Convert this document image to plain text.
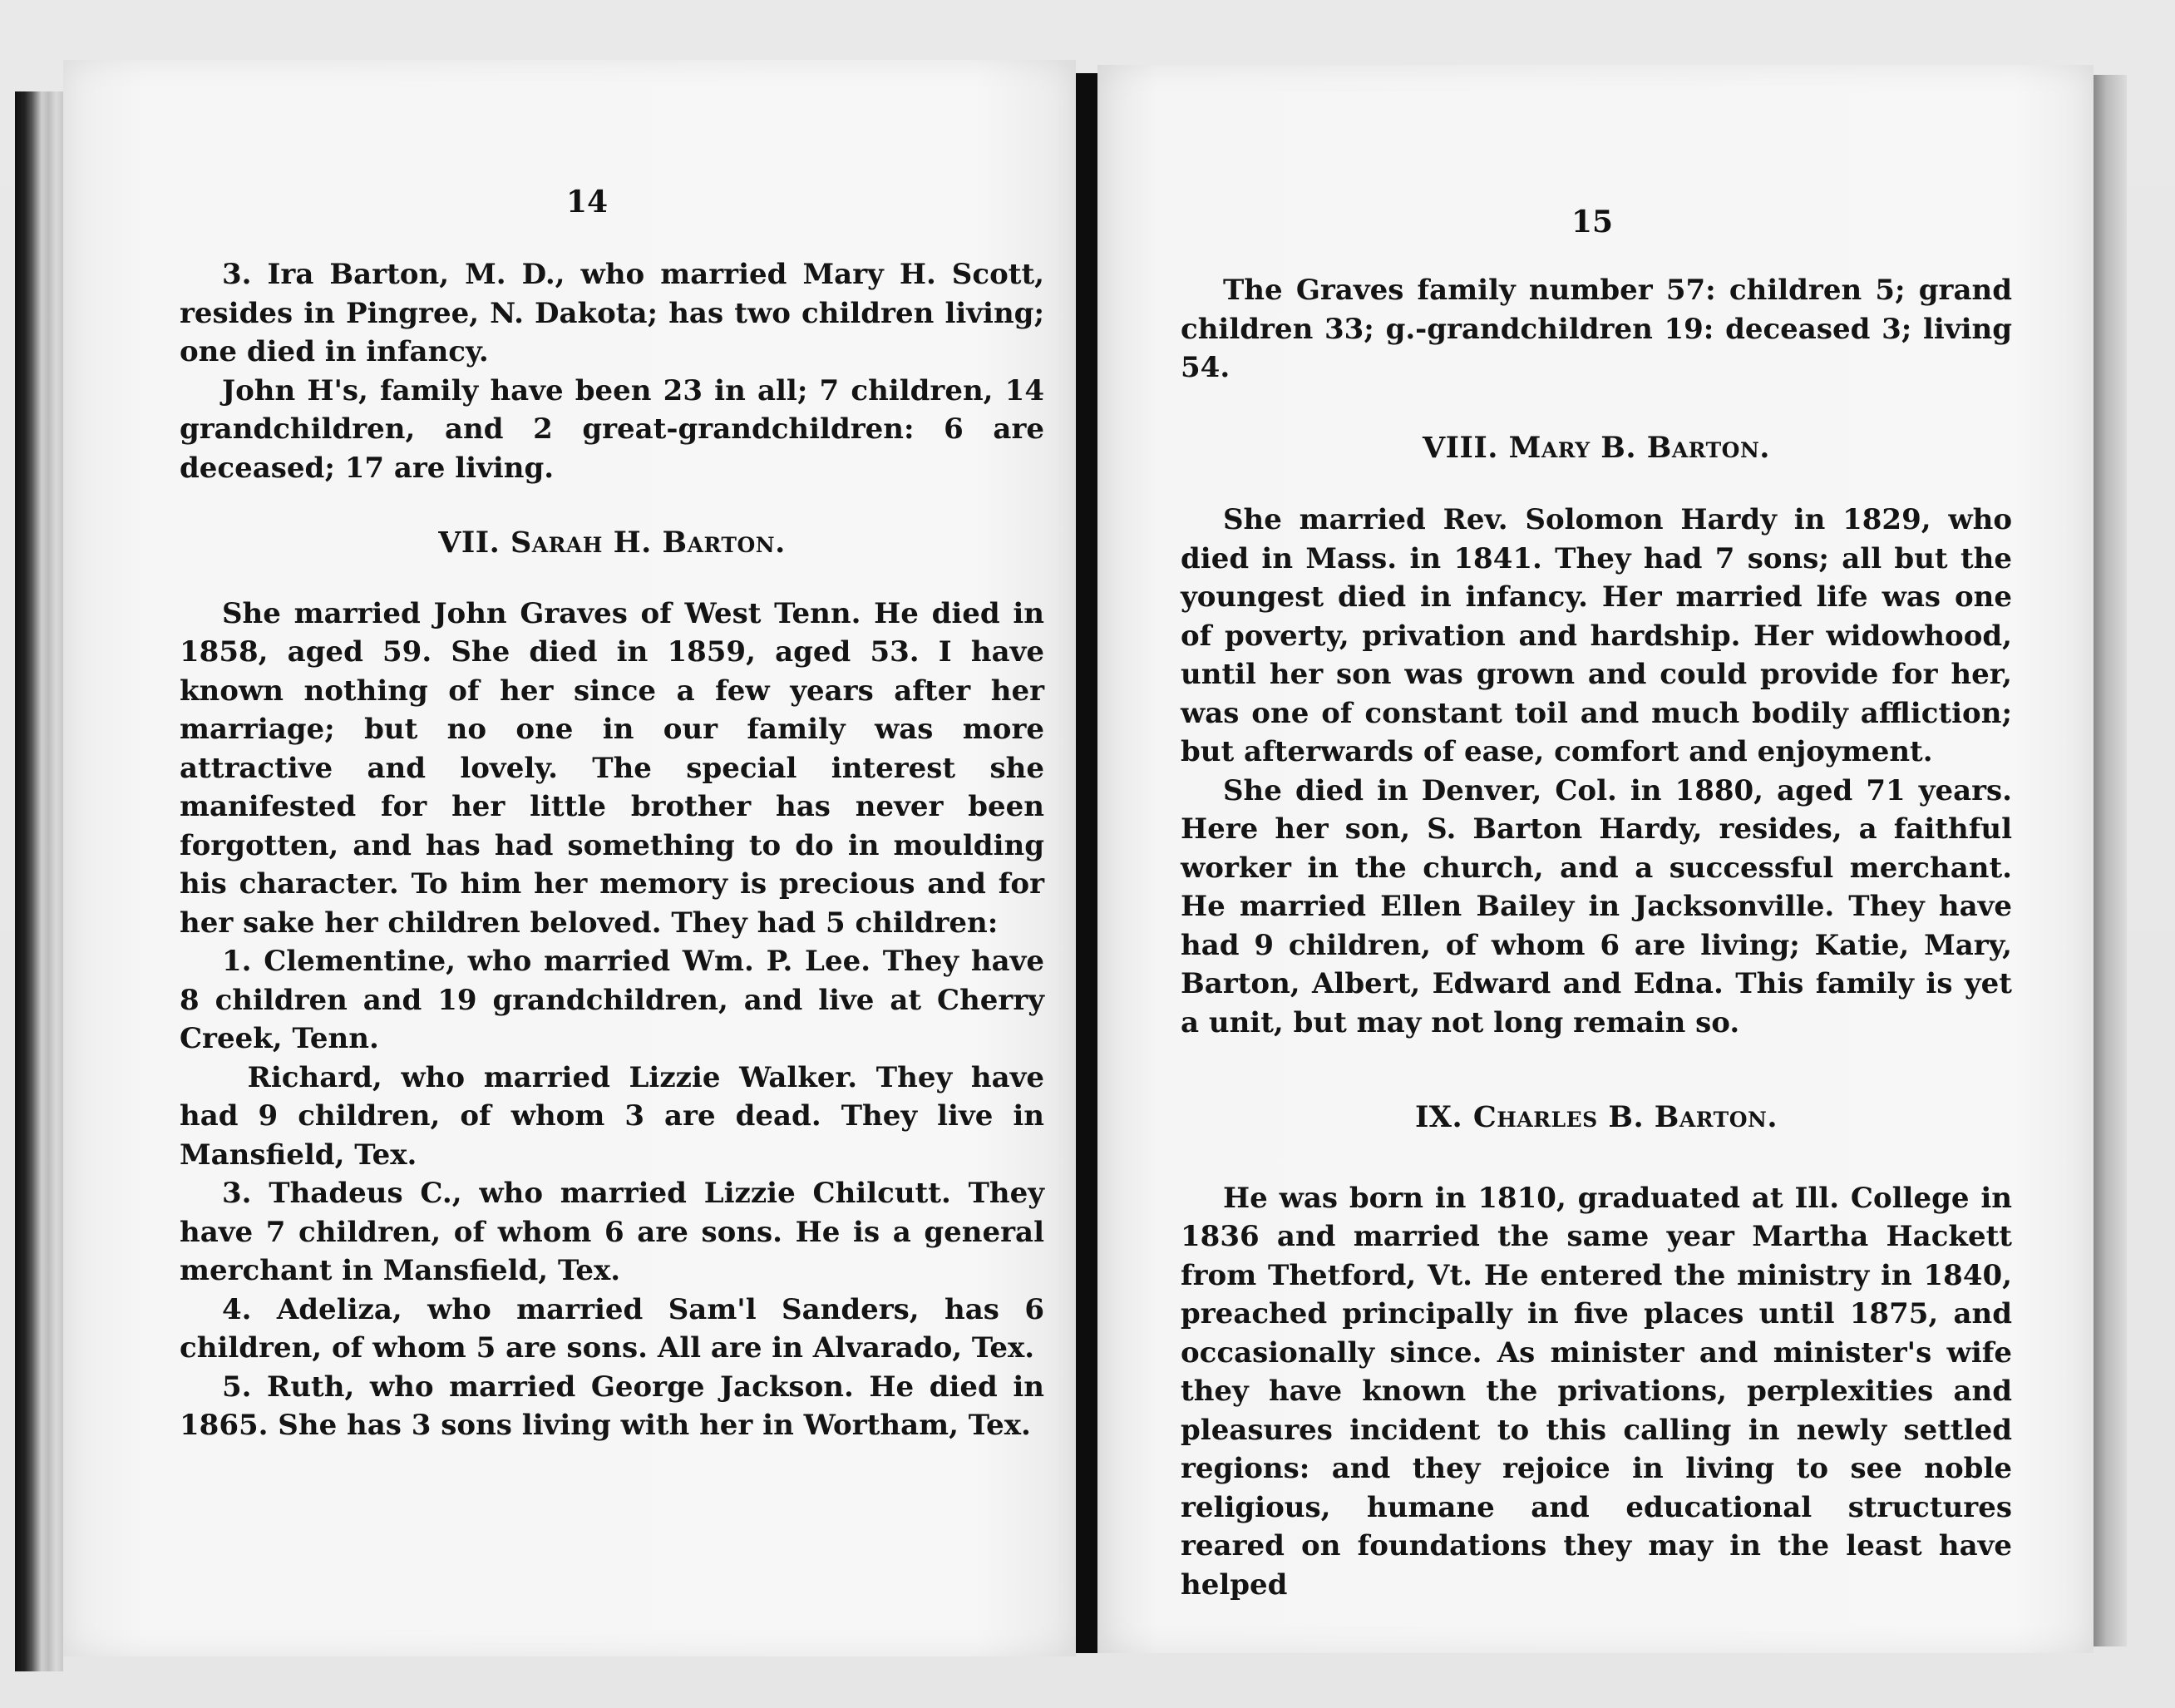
14

3. Ira Barton, M. D., who married Mary H. Scott, resides in Pingree, N. Dakota; has two children living; one died in infancy.

John H's, family have been 23 in all; 7 children, 14 grandchildren, and 2 great-grandchildren: 6 are deceased; 17 are living.

VII. Sarah H. Barton.

She married John Graves of West Tenn. He died in 1858, aged 59. She died in 1859, aged 53. I have known nothing of her since a few years after her marriage; but no one in our family was more attractive and lovely. The special interest she manifested for her little brother has never been forgotten, and has had something to do in moulding his character. To him her memory is precious and for her sake her children beloved. They had 5 children:

1. Clementine, who married Wm. P. Lee. They have 8 children and 19 grandchildren, and live at Cherry Creek, Tenn.

Richard, who married Lizzie Walker. They have had 9 children, of whom 3 are dead. They live in Mansfield, Tex.

3. Thadeus C., who married Lizzie Chilcutt. They have 7 children, of whom 6 are sons. He is a general merchant in Mansfield, Tex.

4. Adeliza, who married Sam'l Sanders, has 6 children, of whom 5 are sons. All are in Alvarado, Tex.

5. Ruth, who married George Jackson. He died in 1865. She has 3 sons living with her in Wortham, Tex.

15

The Graves family number 57: children 5; grand children 33; g.-grandchildren 19: deceased 3; living 54.

VIII. Mary B. Barton.

She married Rev. Solomon Hardy in 1829, who died in Mass. in 1841. They had 7 sons; all but the youngest died in infancy. Her married life was one of poverty, privation and hardship. Her widowhood, until her son was grown and could provide for her, was one of constant toil and much bodily affliction; but afterwards of ease, comfort and enjoyment.

She died in Denver, Col. in 1880, aged 71 years. Here her son, S. Barton Hardy, resides, a faithful worker in the church, and a successful merchant. He married Ellen Bailey in Jacksonville. They have had 9 children, of whom 6 are living; Katie, Mary, Barton, Albert, Edward and Edna. This family is yet a unit, but may not long remain so.

IX. Charles B. Barton.

He was born in 1810, graduated at Ill. College in 1836 and married the same year Martha Hackett from Thetford, Vt. He entered the ministry in 1840, preached principally in five places until 1875, and occasionally since. As minister and minister's wife they have known the privations, perplexities and pleasures incident to this calling in newly settled regions: and they rejoice in living to see noble religious, humane and educational structures reared on foundations they may in the least have helped
